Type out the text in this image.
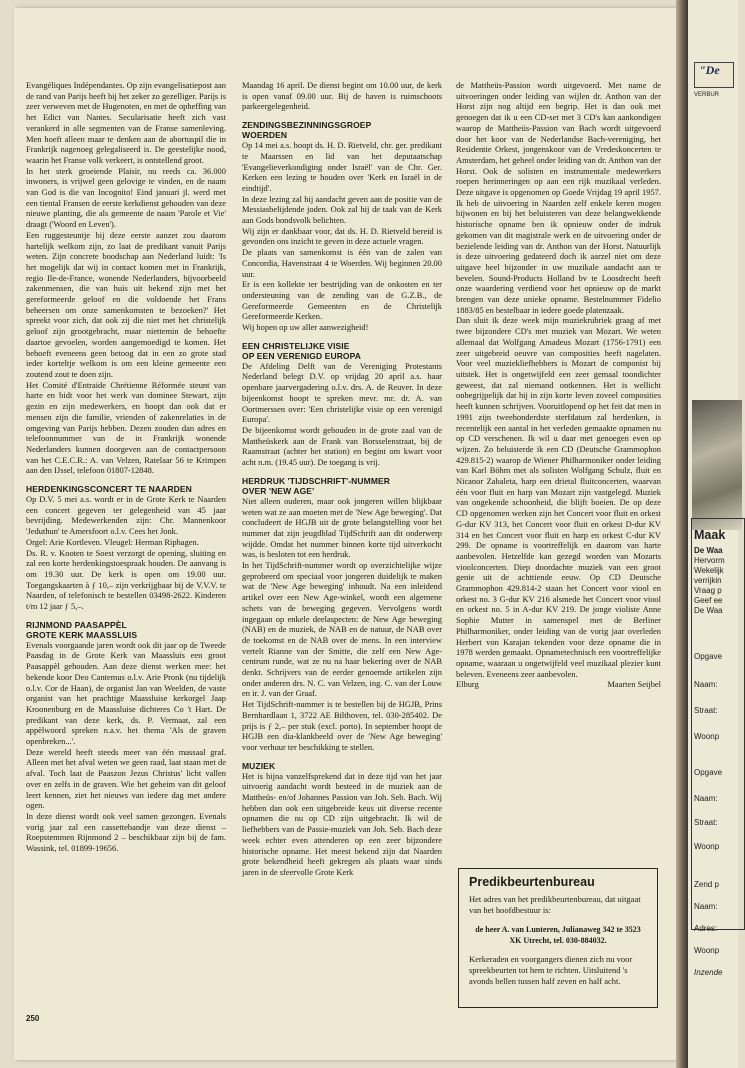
Evangéliques Indépendantes. Op zijn evangelisatiepost aan de rand van Parijs heeft hij het zeker zo gezelliger. Parijs is zeer verweven met de Hugenoten, en met de opheffing van het Edict van Nantes. Secularisatie heeft zich vast verankerd in alle segmenten van de Franse samenleving. Men hoeft alleen maar te denken aan de abortuspil die in Frankrijk nagenoeg gelegaliseerd is. De geestelijke nood, waarin het Franse volk verkeert, is ontstellend groot.

In het sterk groeiende Plaisir, nu reeds ca. 36.000 inwoners, is vrijwel geen gelovige te vinden, en de naam van God is die van Incognito! Eind januari jl. werd met een tiental Fransen de eerste kerkdienst gehouden van deze nieuwe planting, die als gemeente de naam 'Parole et Vie' draagt ('Woord en Leven').

Een ruggesteuntje bij deze eerste aanzet zou daarom hartelijk welkom zijn, zo laat de predikant vanuit Parijs weten. Zijn concrete boodschap aan Nederland luidt: 'Is het mogelijk dat wij in contact komen met in Frankrijk, regio Ile-de-France, wonende Nederlanders, bijvoorbeeld zakenmensen, die van huis uit bekend zijn met het gereformeerde geloof en die voldoende het Frans beheersen om onze samenkomsten te bezoeken?' Het spreekt voor zich, dat ook zij die niet met het christelijk geloof zijn grootgebracht, maar niettemin de behoefte daartoe gevoelen, worden aangemoedigd te komen. Het behoeft eveneens geen betoog dat in een zo grote stad ieder korteltje welkom is om een kleine gemeente een zoutend zout te doen zijn.

Het Comité d'Entraide Chrétienne Réformée steunt van harte en bidt voor het werk van dominee Stewart, zijn gezin en zijn medewerkers, en hoopt dan ook dat er mensen zijn die familie, vrienden of zakenrelaties in de omgeving van Parijs hebben. Dezen zouden dan adres en telefoonnummer van de in Frankrijk wonende Nederlanders kunnen doorgeven aan de contactpersoon van het C.E.C.R.: A. van Velzen, Ratelaar 56 te Krimpen aan den IJssel, telefoon 01807-12848.

HERDENKINGSCONCERT TE NAARDEN

Op D.V. 5 mei a.s. wordt er in de Grote Kerk te Naarden een concert gegeven ter gelegenheid van 45 jaar bevrijding. Medewerkenden zijn: Chr. Mannenkoor 'Jeduthun' te Amersfoort o.l.v. Cees het Jonk.

Orgel: Arie Kortleven. Vleugel: Herman Riphagen.

Ds. R. v. Kooten te Soest verzorgt de opening, sluiting en zal een korte herdenkingstoespraak houden. De aanvang is om 19.30 uur. De kerk is open om 19.00 uur. Toegangskaarten à ƒ 10,– zijn verkrijgbaar bij de V.V.V. te Naarden, of telefonisch te bestellen 03498-2622. Kinderen t/m 12 jaar ƒ 5,–.

RIJNMOND PAASAPPÈL
GROTE KERK MAASSLUIS

Evenals voorgaande jaren wordt ook dit jaar op de Tweede Paasdag in de Grote Kerk van Maassluis een groot Paasappèl gehouden. Aan deze dienst werken mee: het bekende koor Deo Cantemus o.l.v. Arie Pronk (nu tijdelijk o.l.v. Cor de Haan), de organist Jan van Weelden, de vaste organist van het prachtige Maassluise kerkorgel Jaap Kroonenburg en de Maassluise dichteres Co 't Hart. De predikant van deze kerk, ds. P. Vermaat, zal een appèlwoord spreken n.a.v. het thema 'Als de graven openbreken...'.

Deze wereld heeft steeds meer van één massaal graf. Alleen met het afval weten we geen raad, laat staan met de afval. Toch laat de Paaszon Jezus Christus' licht vallen over en zelfs in de graven. Wie het geheim van dit geloof leert kennen, ziet het nieuws van iedere dag met andere ogen.

In deze dienst wordt ook veel samen gezongen. Evenals vorig jaar zal een cassettebandje van deze dienst – Roepstemmen Rijnmond 2 – beschikbaar zijn bij de fam. Wassink, tel. 01899-19656.

Maandag 16 april. De dienst begint om 10.00 uur, de kerk is open vanaf 09.00 uur. Bij de haven is ruimschoots parkeergelegenheid.

ZENDINGSBEZINNINGSGROEP
WOERDEN

Op 14 mei a.s. hoopt ds. H. D. Rietveld, chr. ger. predikant te Maarssen en lid van het deputaatschap 'Evangelieverkondiging onder Israël' van de Chr. Ger. Kerken een lezing te houden over 'Kerk en Israël in de eindtijd'.

In deze lezing zal hij aandacht geven aan de positie van de Messiasbelijdende joden. Ook zal hij de taak van de Kerk aan Gods bondsvolk belichten.

Wij zijn er dankbaar voor, dat ds. H. D. Rietveld bereid is gevonden ons inzicht te geven in deze actuele vragen.

De plaats van samenkomst is één van de zalen van Concordia, Havenstraat 4 te Woerden. Wij beginnen 20.00 uur.

Er is een kollekte ter bestrijding van de onkosten en ter ondersteuning van de zending van de G.Z.B., de Gereformeerde Gemeenten en de Christelijk Gereformeerde Kerken.

Wij hopen op uw aller aanwezigheid!

EEN CHRISTELIJKE VISIE
OP EEN VERENIGD EUROPA

De Afdeling Delft van de Vereniging Protestants Nederland belegt D.V. op vrijdag 20 april a.s. haar openbare jaarvergadering o.l.v. drs. A. de Reuver. In deze bijeenkomst hoopt te spreken mevr. mr. dr. A. van Oortmerssen over: 'Een christelijke visie op een verenigd Europa'.

De bijeenkomst wordt gehouden in de grote zaal van de Mattheüskerk aan de Frank van Borsselenstraat, bij de Raamstraat (achter het station) en begint om kwart voor acht n.m. (19.45 uur). De toegang is vrij.

HERDRUK 'TIJDSCHRIFT'-NUMMER
OVER 'NEW AGE'

Niet alleen ouderen, maar ook jongeren willen blijkbaar weten wat ze aan moeten met de 'New Age beweging'. Dat concludeert de HGJB uit de grote belangstelling voor het nummer dat zijn jeugdblad TijdSchrift aan dit onderwerp wijdde. Omdat het nummer binnen korte tijd uitverkocht was, is besloten tot een herdruk.

In het TijdSchrift-nummer wordt op overzichtelijke wijze geprobeerd om speciaal voor jongeren duidelijk te maken wat de 'New Age beweging' inhoudt. Na een inleidend artikel over een New Age-winkel, wordt een algemene schets van de beweging gegeven. Vervolgens wordt ingegaan op enkele deelaspecten: de New Age beweging (NAB) en de muziek, de NAB en de natuur, de NAB over de toekomst en de NAB over de mens. In een interview vertelt Rianne van der Smitte, die zelf een New Age-centrum runde, wat ze nu na haar bekering over de NAB denkt. Schrijvers van de eerder genoemde artikelen zijn onder anderen drs. N. C. van Velzen, ing. C. van der Louw en ir. J. van der Graaf.

Het TijdSchrift-nummer is te bestellen bij de HGJB, Prins Bernhardlaan 1, 3722 AE Bilthoven, tel. 030-285402. De prijs is ƒ 2,– per stuk (excl. porto). In september hoopt de HGJB een dia-klankbeeld over de 'New Age beweging' voor verhuur ter beschikking te stellen.

MUZIEK

Het is bijna vanzelfsprekend dat in deze tijd van het jaar uitvoerig aandacht wordt besteed in de muziek aan de Mattheüs- en/of Johannes Passion van Joh. Seb. Bach. Wij hebben dan ook een uitgebreide keus uit diverse recente opnamen die nu op CD zijn uitgebracht. Ik wil de liefhebbers van de Passie-muziek van Joh. Seb. Bach deze week echter even attenderen op een zeer bijzondere historische opname. Het meest bekend zijn dat Naarden grote bekendheid heeft gekregen als plaats waar sinds jaren in de sfeervolle Grote Kerk

de Mattheüs-Passion wordt uitgevoerd. Met name de uitvoeringen onder leiding van wijlen dr. Anthon van der Horst zijn nog altijd een begrip. Het is dan ook met genoegen dat ik u een CD-set met 3 CD's kan aankondigen waarop de Mattheüs-Passion van Bach wordt uitgevoerd door het koor van de Nederlandse Bach-vereniging, het Residentie Orkest, jongenskoor van de Vredeskoncerten te Amsterdam, het geheel onder leiding van dr. Anthon van der Horst. Ook de solisten en instrumentale medewerkers roepen herinneringen op aan een rijk muzikaal verleden. Deze uitgave is opgenomen op Goede Vrijdag 19 april 1957. Ik heb de uitvoering in Naarden zelf enkele keren mogen bijwonen en bij het beluisteren van deze belangwekkende historische opname ben ik opnieuw onder de indruk gekomen van dit magistrale werk en de uitvoering onder de bezielende leiding van dr. Anthon van der Horst. Natuurlijk is deze uitvoering gedateerd doch ik aarzel niet om deze uitgave heel bijzonder in uw muzikale aandacht aan te bevelen. Sound-Products Holland bv te Loosdrecht heeft onze waardering verdiend voor het opnieuw op de markt brengen van deze unieke opname. Bestelnummer Fidelio 1883/85 en bestelbaar in iedere goede platenzaak.

Dan sluit ik deze week mijn muziekrubriek graag af met twee bijzondere CD's met muziek van Mozart. We weten allemaal dat Wolfgang Amadeus Mozart (1756-1791) een zeer uitgebreid oeuvre van composities heeft nagelaten. Voor veel muziekliefhebbers is Mozart de componist bij uitstek. Het is ongetwijfeld een zeer gemaal toondichter geweest, dat zal niemand ontkennen. Het is wellicht onbegrijpelijk dat hij in zijn korte leven zoveel composities heeft kunnen schrijven. Vooruitlopend op het feit dat men in 1991 zijn tweehonderdste sterfdatum zal herdenken, is recentelijk een aantal in het verleden gemaakte opnamen nu op CD verschenen. Ik wil u daar met genoegen even op wijzen. Zo beluisterde ik een CD (Deutsche Grammophon 429.815-2) waarop de Wiener Philharmoniker onder leiding van Karl Böhm met als solisten Wolfgang Schulz, fluit en Nicanor Zabaleta, harp een drietal fluitconcerten, waarvan één voor fluit en harp van Mozart zijn vastgelegd. Muziek van ongekende schoonheid, die blijft boeien. De op deze CD opgenomen werken zijn het Concert voor fluit en orkest G-dur KV 313, het Concert voor fluit en orkest D-dur KV 314 en het Concert voor fluit en harp en orkest C-dur KV 299. De opname is voortreffelijk en daarom van harte aanbevolen. Hetzelfde kan gezegd worden van Mozarts vioolconcerten. Diep doordachte muziek van een groot genie uit de achttiende eeuw. Op CD Deutsche Grammophon 429.814-2 staan het Concert voor viool en orkest no. 3 G-dur KV 216 alsmede het Concert voor viool en orkest no. 5 in A-dur KV 219. De jonge violiste Anne Sophie Mutter in samenspel met de Berliner Philharmoniker, onder leiding van de vorig jaar overleden Herbert von Karajan tekenden voor deze opname die in 1978 werden gemaakt. Opnametechnisch een voortreffelijke opname, waaraan u ongetwijfeld veel muzikaal plezier kunt beleven. Eveneens zeer aanbevolen.

Elburg	Maarten Seijbel
Predikbeurtenbureau
Het adres van het predikbeurtenbureau, dat uitgaat van het hoofdbestuur is:
de heer A. van Lunteren, Julianaweg 342 te 3523 XK Utrecht, tel. 030-884032.
Kerkeraden en voorgangers dienen zich nu voor spreekbeurten tot hem te richten. Uitsluitend 's avonds bellen tussen half zeven en half acht.
250
"De
VERBUR
Maak
De Waa
Hervorm
Wekelijk
verrijkin
Vraag p
Geef ee
De Waa
Opgave
Naam:
Straat:
Woonp
Opgave
Naam:
Straat:
Woonp
Zend p
Naam:
Adres:
Woonp
Inzende
